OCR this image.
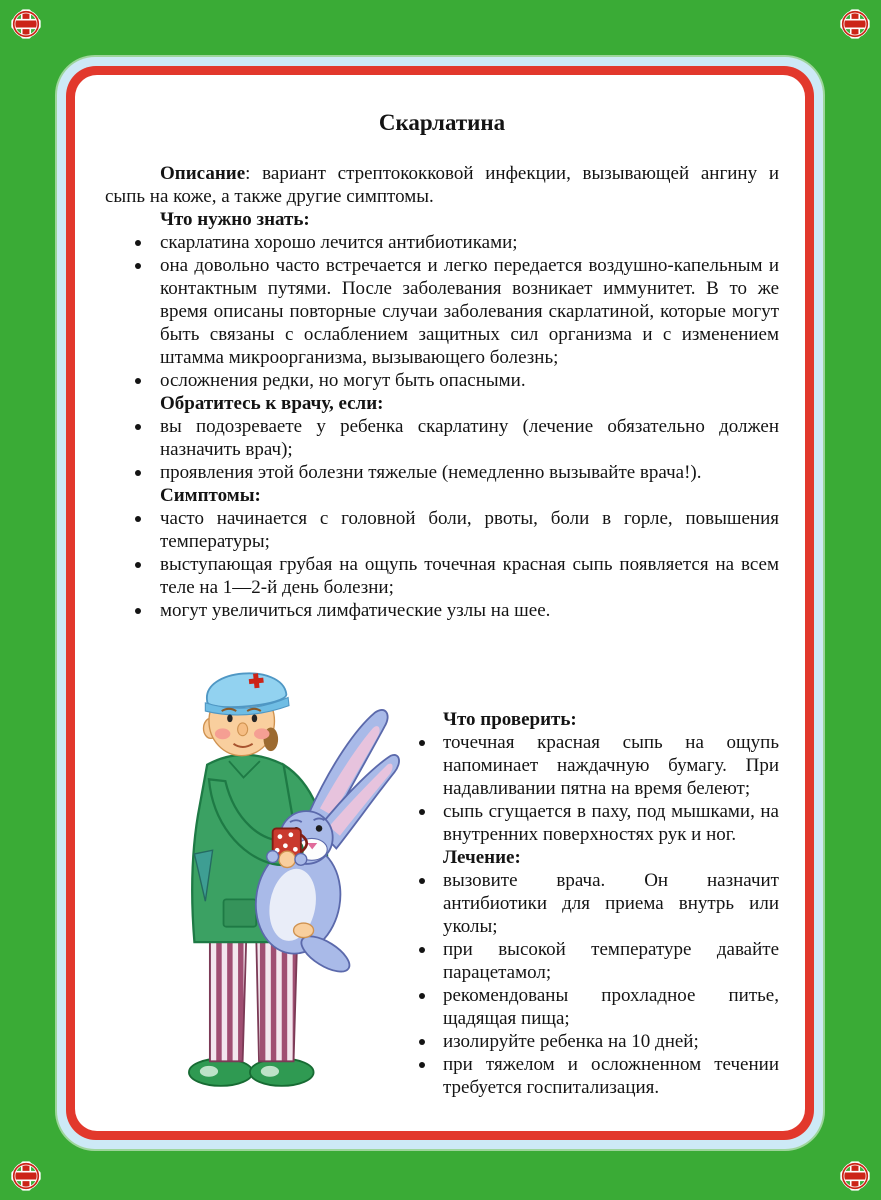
Скарлатина

Описание: вариант стрептококковой инфекции, вызывающей ангину и сыпь на коже, а также другие симптомы.

Что нужно знать:
скарлатина хорошо лечится антибиотиками;
она довольно часто встречается и легко передается воздушно-капельным и контактным путями. После заболевания возникает иммунитет. В то же время описаны повторные случаи заболевания скарлатиной, которые могут быть связаны с ослаблением защитных сил организма и с изменением штамма микроорганизма, вызывающего болезнь;
осложнения редки, но могут быть опасными.
Обратитесь к врачу, если:
вы подозреваете у ребенка скарлатину (лечение обязательно должен назначить врач);
проявления этой болезни тяжелые (немедленно вызывайте врача!).
Симптомы:
часто начинается с головной боли, рвоты, боли в горле, повышения температуры;
выступающая грубая на ощупь точечная красная сыпь появляется на всем теле на 1—2-й день болезни;
могут увеличиться лимфатические узлы на шее.
Что проверить:
точечная красная сыпь на ощупь напоминает наждачную бумагу. При надавливании пятна на время белеют;
сыпь сгущается в паху, под мышками, на внутренних поверхностях рук и ног.
Лечение:
вызовите врача. Он назначит антибиотики для приема внутрь или уколы;
при высокой температуре давайте парацетамол;
рекомендованы прохладное питье, щадящая пища;
изолируйте ребенка на 10 дней;
при тяжелом и осложненном течении требуется госпитализация.
